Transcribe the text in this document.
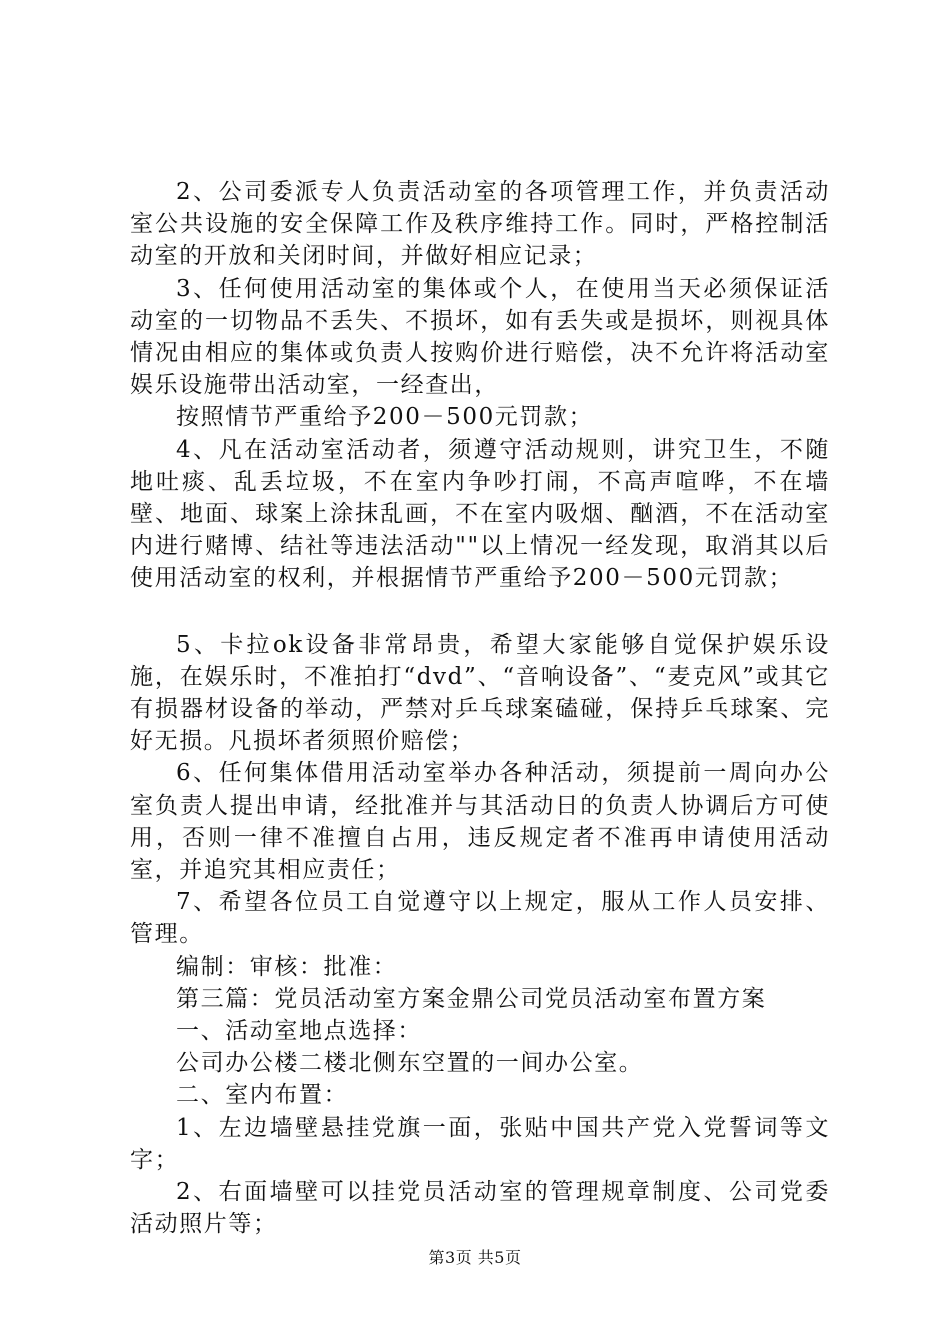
2、公司委派专人负责活动室的各项管理工作，并负责活动室公共设施的安全保障工作及秩序维持工作。同时，严格控制活动室的开放和关闭时间，并做好相应记录；

3、任何使用活动室的集体或个人，在使用当天必须保证活动室的一切物品不丢失、不损坏，如有丢失或是损坏，则视具体情况由相应的集体或负责人按购价进行赔偿，决不允许将活动室娱乐设施带出活动室，一经查出，

按照情节严重给予200－500元罚款；

4、凡在活动室活动者，须遵守活动规则，讲究卫生，不随地吐痰、乱丢垃圾，不在室内争吵打闹，不高声喧哗，不在墙壁、地面、球案上涂抹乱画，不在室内吸烟、酗酒，不在活动室内进行赌博、结社等违法活动""以上情况一经发现，取消其以后使用活动室的权利，并根据情节严重给予200－500元罚款；

5、卡拉ok设备非常昂贵，希望大家能够自觉保护娱乐设施，在娱乐时，不准拍打“dvd”、“音响设备”、“麦克风”或其它有损器材设备的举动，严禁对乒乓球案磕碰，保持乒乓球案、完好无损。凡损坏者须照价赔偿；

6、任何集体借用活动室举办各种活动，须提前一周向办公室负责人提出申请，经批准并与其活动日的负责人协调后方可使用，否则一律不准擅自占用，违反规定者不准再申请使用活动室，并追究其相应责任；

7、希望各位员工自觉遵守以上规定，服从工作人员安排、管理。

编制：审核：批准：

第三篇：党员活动室方案金鼎公司党员活动室布置方案

一、活动室地点选择：

公司办公楼二楼北侧东空置的一间办公室。

二、室内布置：

1、左边墙壁悬挂党旗一面，张贴中国共产党入党誓词等文字；

2、右面墙壁可以挂党员活动室的管理规章制度、公司党委活动照片等；

第3页 共5页
